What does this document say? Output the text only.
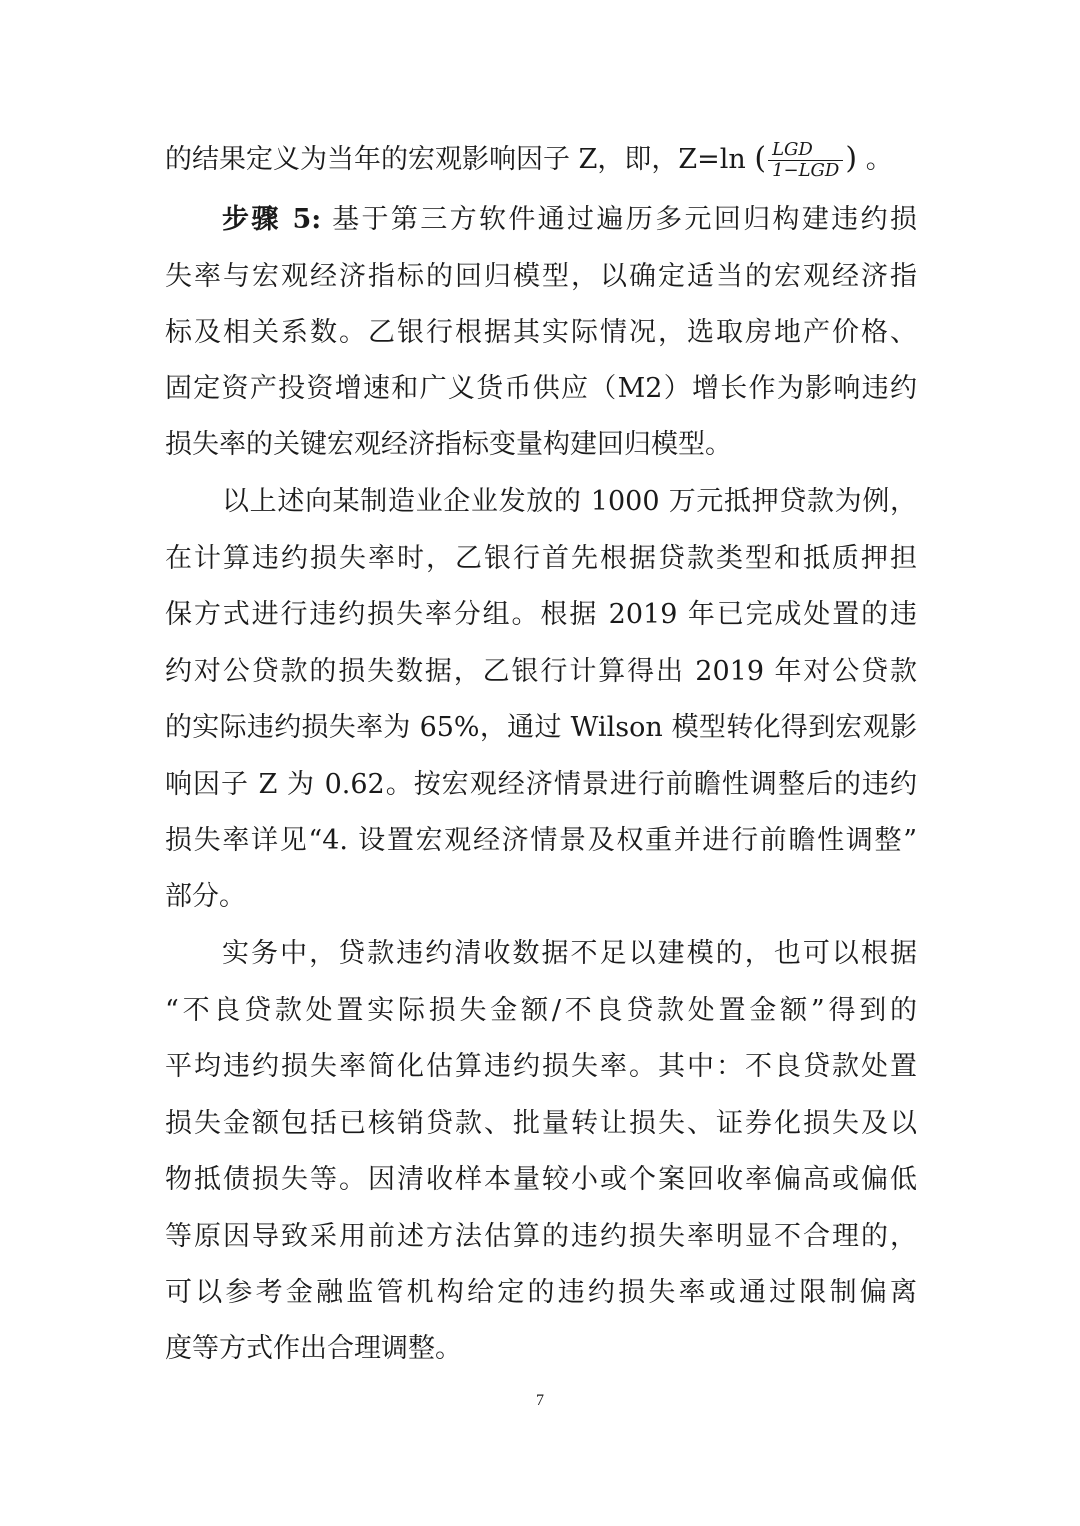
的结果定义为当年的宏观影响因子 Z，即，Z=ln ( $\frac{\text{LGD}}{\text{1−LGD}}$ ) 。
步骤 5: 基于第三方软件通过遍历多元回归构建违约损
失率与宏观经济指标的回归模型，以确定适当的宏观经济指
标及相关系数。乙银行根据其实际情况，选取房地产价格、
固定资产投资增速和广义货币供应（M2）增长作为影响违约
损失率的关键宏观经济指标变量构建回归模型。
以上述向某制造业企业发放的 1000 万元抵押贷款为例，
在计算违约损失率时，乙银行首先根据贷款类型和抵质押担
保方式进行违约损失率分组。根据 2019 年已完成处置的违
约对公贷款的损失数据，乙银行计算得出 2019 年对公贷款
的实际违约损失率为 65%，通过 Wilson 模型转化得到宏观影
响因子 Z 为 0.62。按宏观经济情景进行前瞻性调整后的违约
损失率详见“4. 设置宏观经济情景及权重并进行前瞻性调整”
部分。
实务中，贷款违约清收数据不足以建模的，也可以根据
“不良贷款处置实际损失金额/不良贷款处置金额”得到的
平均违约损失率简化估算违约损失率。其中：不良贷款处置
损失金额包括已核销贷款、批量转让损失、证券化损失及以
物抵债损失等。因清收样本量较小或个案回收率偏高或偏低
等原因导致采用前述方法估算的违约损失率明显不合理的，
可以参考金融监管机构给定的违约损失率或通过限制偏离
度等方式作出合理调整。
7
